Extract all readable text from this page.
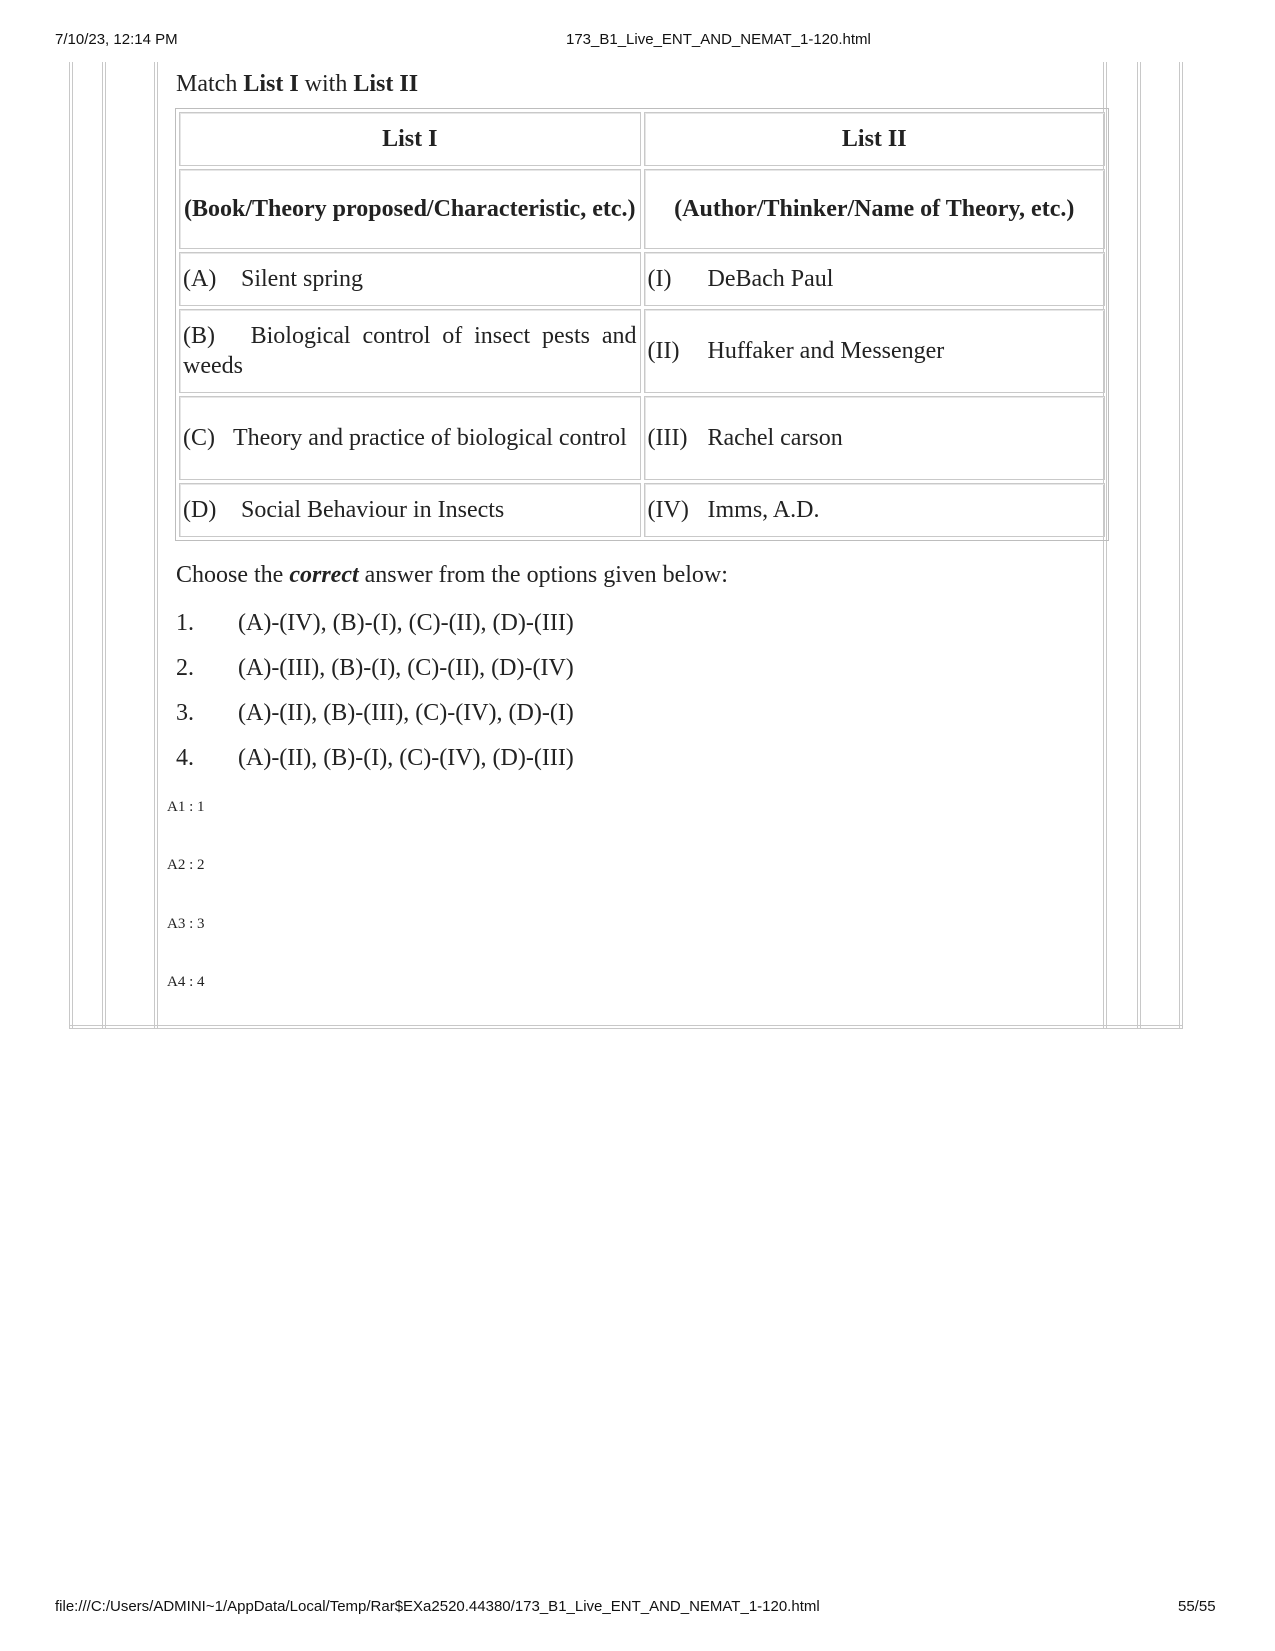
7/10/23, 12:14 PM	173_B1_Live_ENT_AND_NEMAT_1-120.html
Match List I with List II
List I	List II
(Book/Theory proposed/Characteristic, etc.)	(Author/Thinker/Name of Theory, etc.)
(A) Silent spring	(I) DeBach Paul
(B) Biological control of insect pests and weeds	(II) Huffaker and Messenger
(C) Theory and practice of biological control	(III) Rachel carson
(D) Social Behaviour in Insects	(IV) Imms, A.D.
Choose the correct answer from the options given below:
1. (A)-(IV), (B)-(I), (C)-(II), (D)-(III)
2. (A)-(III), (B)-(I), (C)-(II), (D)-(IV)
3. (A)-(II), (B)-(III), (C)-(IV), (D)-(I)
4. (A)-(II), (B)-(I), (C)-(IV), (D)-(III)
A1 : 1
A2 : 2
A3 : 3
A4 : 4
file:///C:/Users/ADMINI~1/AppData/Local/Temp/Rar$EXa2520.44380/173_B1_Live_ENT_AND_NEMAT_1-120.html	55/55
